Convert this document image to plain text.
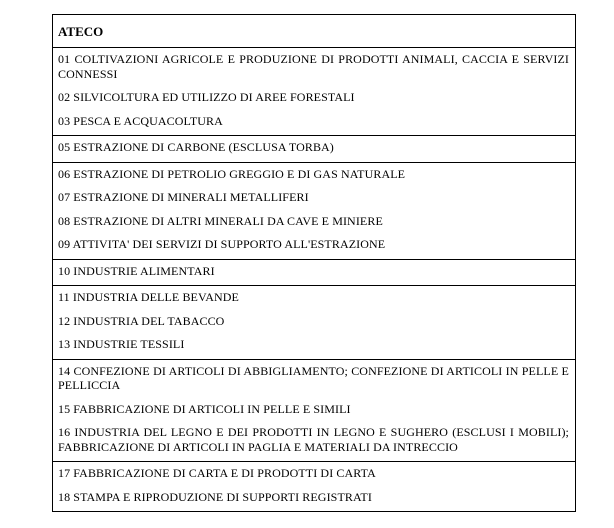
ATECO
01 COLTIVAZIONI AGRICOLE E PRODUZIONE DI PRODOTTI ANIMALI, CACCIA E SERVIZI CONNESSI
02 SILVICOLTURA ED UTILIZZO DI AREE FORESTALI
03 PESCA E ACQUACOLTURA
05 ESTRAZIONE DI CARBONE (ESCLUSA TORBA)
06 ESTRAZIONE DI PETROLIO GREGGIO E DI GAS NATURALE
07 ESTRAZIONE DI MINERALI METALLIFERI
08 ESTRAZIONE DI ALTRI MINERALI DA CAVE E MINIERE
09 ATTIVITA' DEI SERVIZI DI SUPPORTO ALL'ESTRAZIONE
10 INDUSTRIE ALIMENTARI
11 INDUSTRIA DELLE BEVANDE
12 INDUSTRIA DEL TABACCO
13 INDUSTRIE TESSILI
14 CONFEZIONE DI ARTICOLI DI ABBIGLIAMENTO; CONFEZIONE DI ARTICOLI IN PELLE E PELLICCIA
15 FABBRICAZIONE DI ARTICOLI IN PELLE E SIMILI
16 INDUSTRIA DEL LEGNO E DEI PRODOTTI IN LEGNO E SUGHERO (ESCLUSI I MOBILI); FABBRICAZIONE DI ARTICOLI IN PAGLIA E MATERIALI DA INTRECCIO
17 FABBRICAZIONE DI CARTA E DI PRODOTTI DI CARTA
18 STAMPA E RIPRODUZIONE DI SUPPORTI REGISTRATI
